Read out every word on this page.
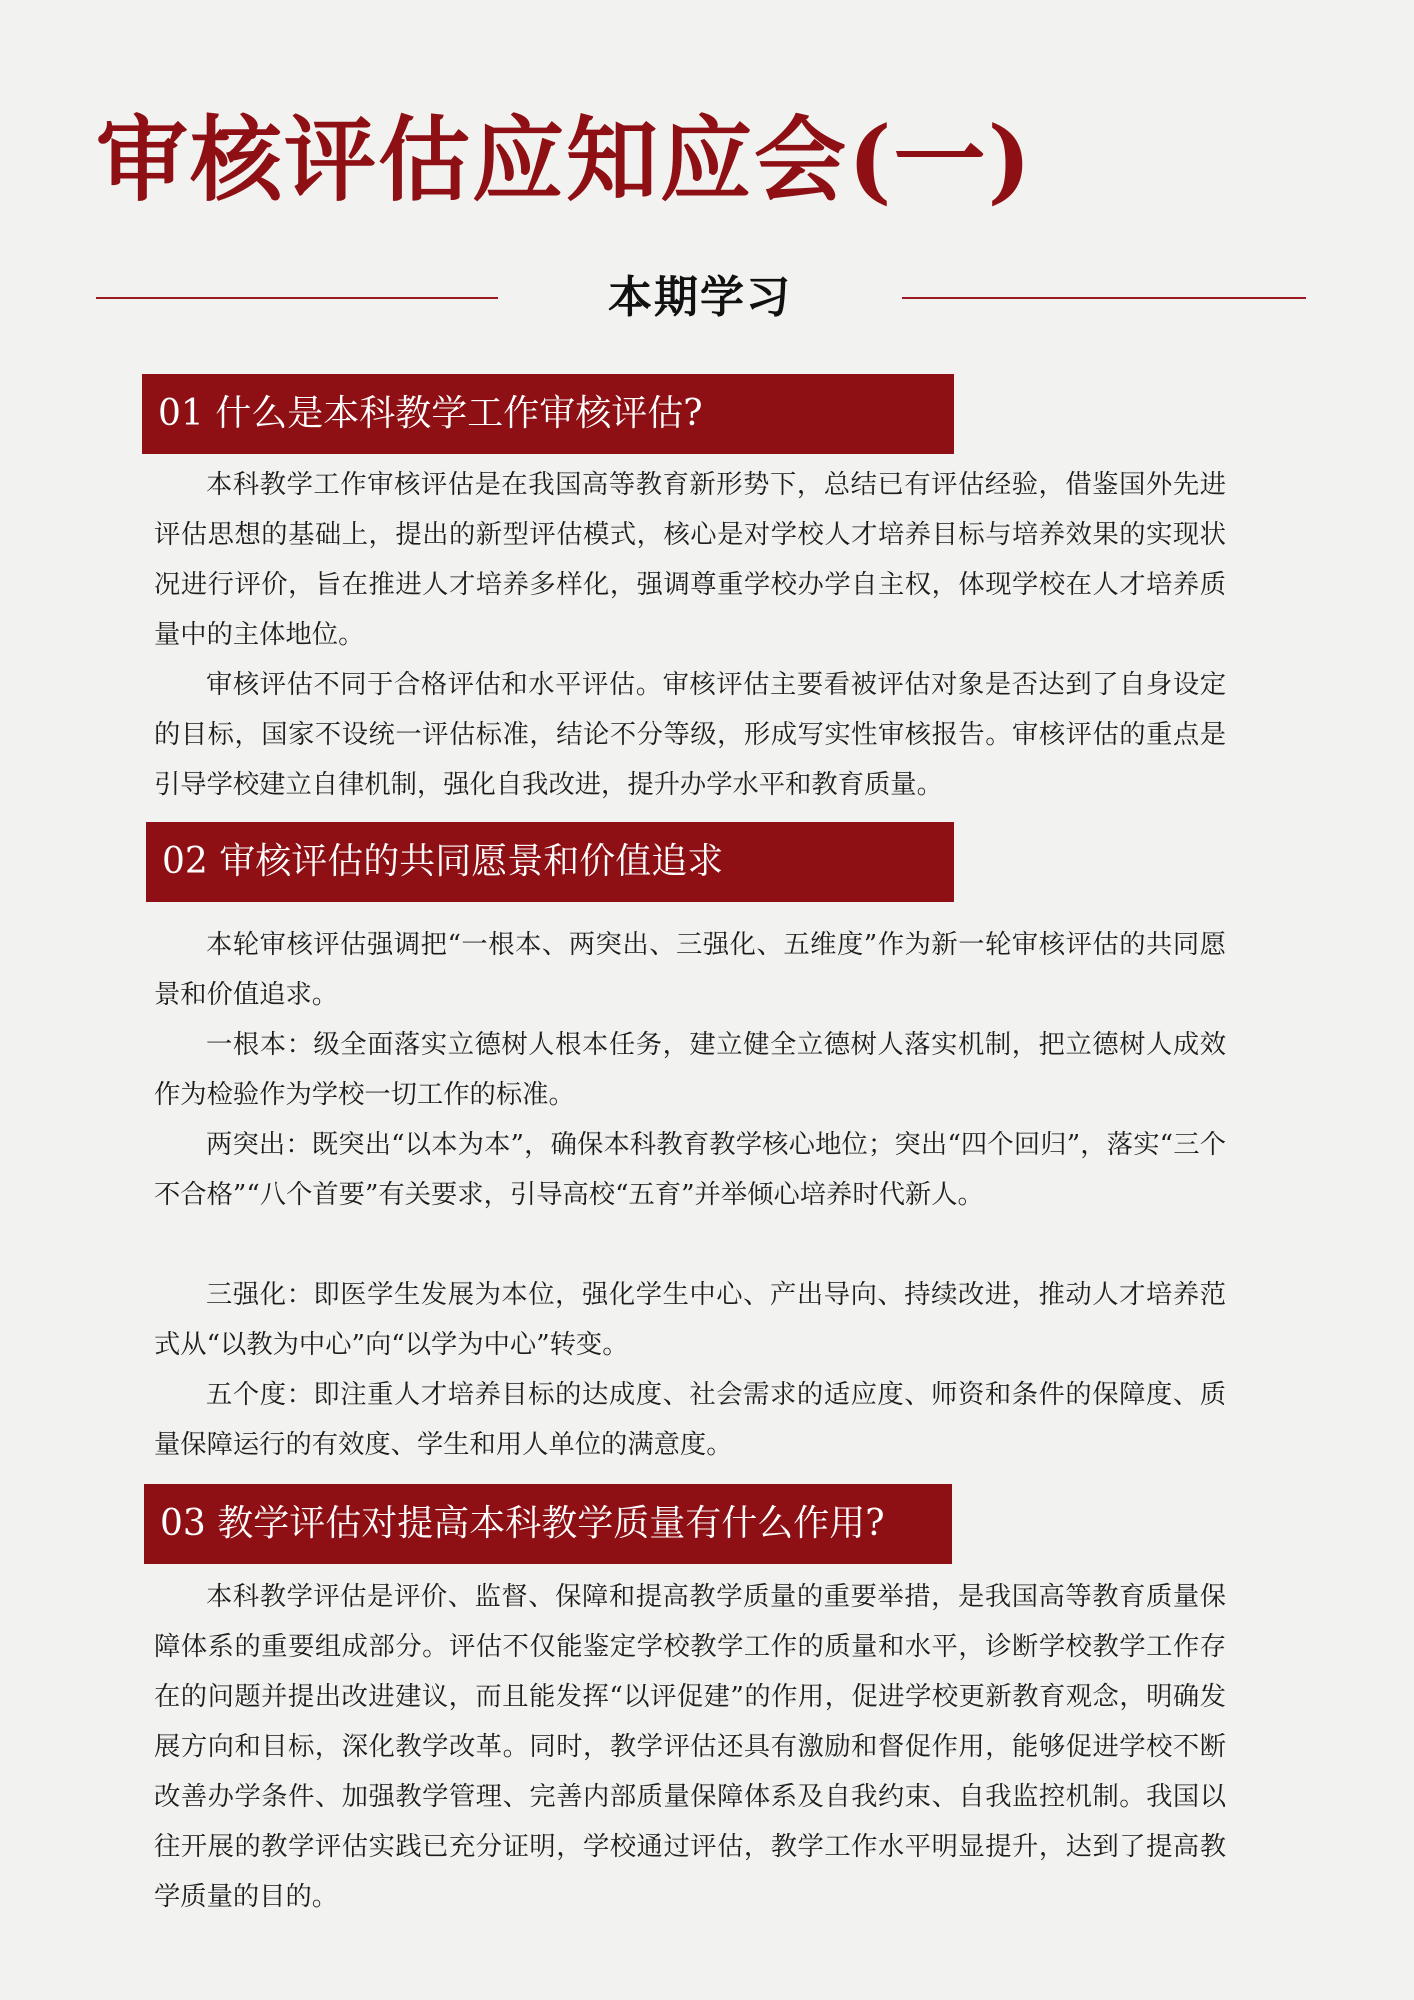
审核评估应知应会(一)
本期学习
01 什么是本科教学工作审核评估?

本科教学工作审核评估是在我国高等教育新形势下，总结已有评估经验，借鉴国外先进评估思想的基础上，提出的新型评估模式，核心是对学校人才培养目标与培养效果的实现状况进行评价，旨在推进人才培养多样化，强调尊重学校办学自主权，体现学校在人才培养质量中的主体地位。

审核评估不同于合格评估和水平评估。审核评估主要看被评估对象是否达到了自身设定的目标，国家不设统一评估标准，结论不分等级，形成写实性审核报告。审核评估的重点是引导学校建立自律机制，强化自我改进，提升办学水平和教育质量。

02 审核评估的共同愿景和价值追求

本轮审核评估强调把“一根本、两突出、三强化、五维度”作为新一轮审核评估的共同愿景和价值追求。

一根本：级全面落实立德树人根本任务，建立健全立德树人落实机制，把立德树人成效作为检验作为学校一切工作的标准。

两突出：既突出“以本为本”，确保本科教育教学核心地位；突出“四个回归”，落实“三个不合格”“八个首要”有关要求，引导高校“五育”并举倾心培养时代新人。

三强化：即医学生发展为本位，强化学生中心、产出导向、持续改进，推动人才培养范式从“以教为中心”向“以学为中心”转变。

五个度：即注重人才培养目标的达成度、社会需求的适应度、师资和条件的保障度、质量保障运行的有效度、学生和用人单位的满意度。

03 教学评估对提高本科教学质量有什么作用?

本科教学评估是评价、监督、保障和提高教学质量的重要举措，是我国高等教育质量保障体系的重要组成部分。评估不仅能鉴定学校教学工作的质量和水平，诊断学校教学工作存在的问题并提出改进建议，而且能发挥“以评促建”的作用，促进学校更新教育观念，明确发展方向和目标，深化教学改革。同时，教学评估还具有激励和督促作用，能够促进学校不断改善办学条件、加强教学管理、完善内部质量保障体系及自我约束、自我监控机制。我国以往开展的教学评估实践已充分证明，学校通过评估，教学工作水平明显提升，达到了提高教学质量的目的。
